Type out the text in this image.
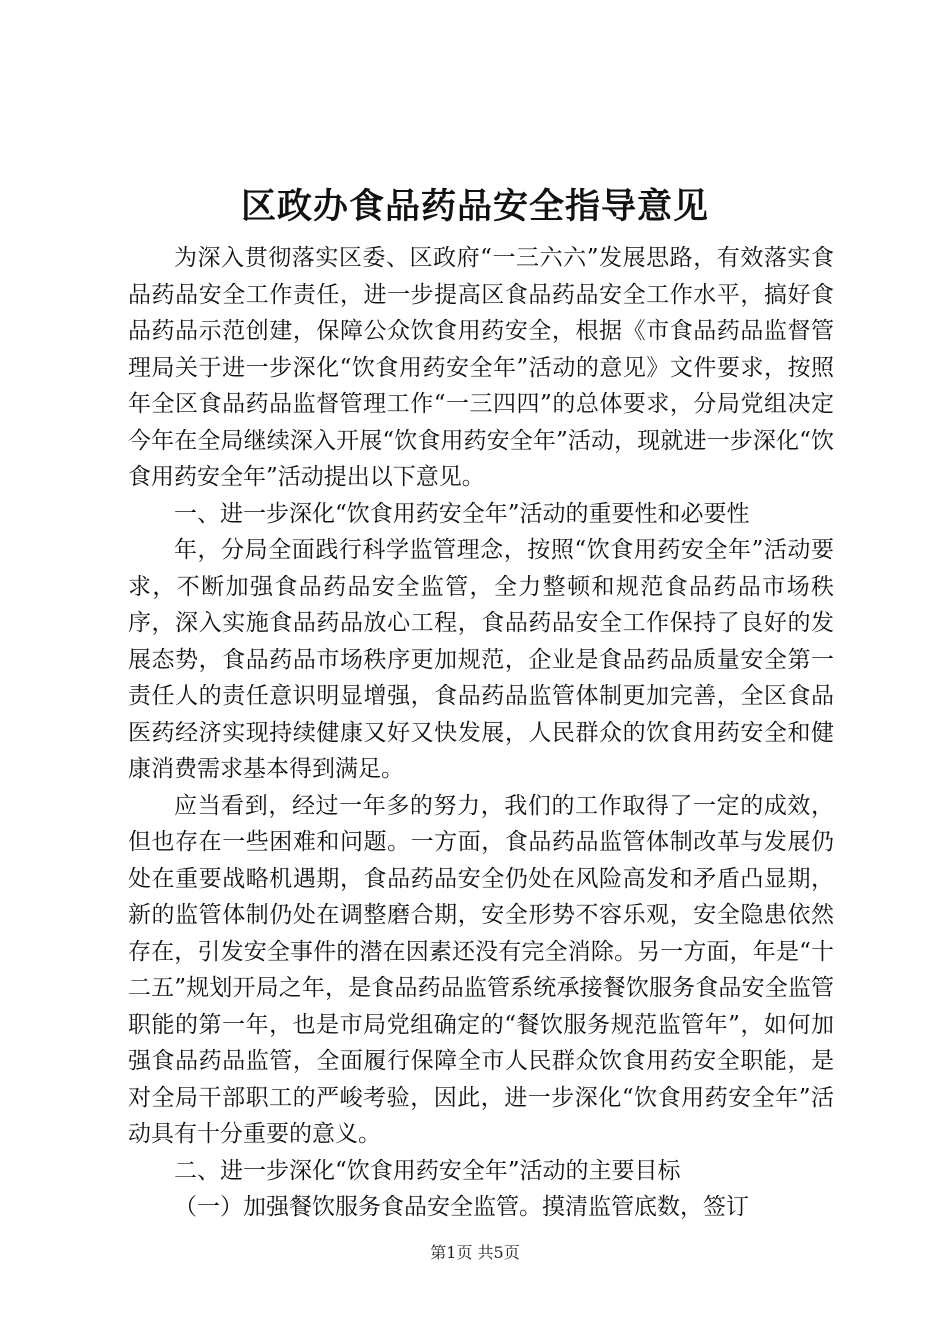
区政办食品药品安全指导意见

为深入贯彻落实区委、区政府“一三六六”发展思路，有效落实食品药品安全工作责任，进一步提高区食品药品安全工作水平，搞好食品药品示范创建，保障公众饮食用药安全，根据《市食品药品监督管理局关于进一步深化“饮食用药安全年”活动的意见》文件要求，按照年全区食品药品监督管理工作“一三四四”的总体要求，分局党组决定今年在全局继续深入开展“饮食用药安全年”活动，现就进一步深化“饮食用药安全年”活动提出以下意见。

一、进一步深化“饮食用药安全年”活动的重要性和必要性

年，分局全面践行科学监管理念，按照“饮食用药安全年”活动要求，不断加强食品药品安全监管，全力整顿和规范食品药品市场秩序，深入实施食品药品放心工程，食品药品安全工作保持了良好的发展态势，食品药品市场秩序更加规范，企业是食品药品质量安全第一责任人的责任意识明显增强，食品药品监管体制更加完善，全区食品医药经济实现持续健康又好又快发展，人民群众的饮食用药安全和健康消费需求基本得到满足。

应当看到，经过一年多的努力，我们的工作取得了一定的成效，但也存在一些困难和问题。一方面，食品药品监管体制改革与发展仍处在重要战略机遇期，食品药品安全仍处在风险高发和矛盾凸显期，新的监管体制仍处在调整磨合期，安全形势不容乐观，安全隐患依然存在，引发安全事件的潜在因素还没有完全消除。另一方面，年是“十二五”规划开局之年，是食品药品监管系统承接餐饮服务食品安全监管职能的第一年，也是市局党组确定的“餐饮服务规范监管年”，如何加强食品药品监管，全面履行保障全市人民群众饮食用药安全职能，是对全局干部职工的严峻考验，因此，进一步深化“饮食用药安全年”活动具有十分重要的意义。

二、进一步深化“饮食用药安全年”活动的主要目标

（一）加强餐饮服务食品安全监管。摸清监管底数，签订

第1页 共5页
